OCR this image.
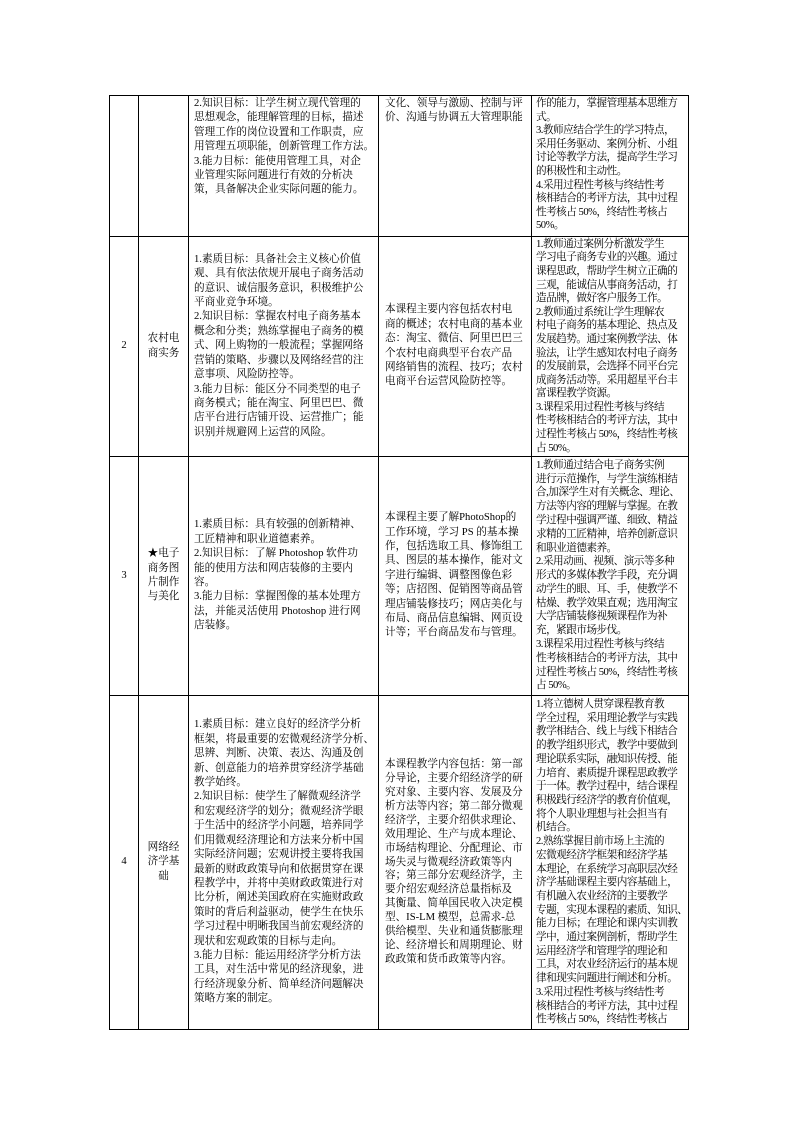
2.知识目标：让学生树立现代管理的
思想观念，能理解管理的目标，描述
管理工作的岗位设置和工作职责，应
用管理五项职能，创新管理工作方法。
3.能力目标：能使用管理工具，对企
业管理实际问题进行有效的分析决
策，具备解决企业实际问题的能力。
文化、领导与激励、控制与评
价、沟通与协调五大管理职能
作的能力，掌握管理基本思维方
式。
3.教师应结合学生的学习特点，
采用任务驱动、案例分析、小组
讨论等教学方法，提高学生学习
的积极性和主动性。
4.采用过程性考核与终结性考
核相结合的考评方法，其中过程
性考核占 50%，终结性考核占
50%。
2
农村电
商实务
1.素质目标：具备社会主义核心价值
观、具有依法依规开展电子商务活动
的意识、诚信服务意识，积极维护公
平商业竞争环境。
2.知识目标：掌握农村电子商务基本
概念和分类；熟练掌握电子商务的模
式、网上购物的一般流程；掌握网络
营销的策略、步骤以及网络经营的注
意事项、风险防控等。
3.能力目标：能区分不同类型的电子
商务模式；能在淘宝、阿里巴巴、微
店平台进行店铺开设、运营推广；能
识别并规避网上运营的风险。
本课程主要内容包括农村电
商的概述；农村电商的基本业
态：淘宝、微信、阿里巴巴三
个农村电商典型平台农产品
网络销售的流程、技巧；农村
电商平台运营风险防控等。
1.教师通过案例分析激发学生
学习电子商务专业的兴趣。通过
课程思政，帮助学生树立正确的
三观，能诚信从事商务活动，打
造品牌，做好客户服务工作。
2.教师通过系统让学生理解农
村电子商务的基本理论、热点及
发展趋势。通过案例教学法、体
验法，让学生感知农村电子商务
的发展前景，会选择不同平台完
成商务活动等。采用超星平台丰
富课程教学资源。
3.课程采用过程性考核与终结
性考核相结合的考评方法，其中
过程性考核占 50%，终结性考核
占 50%。
3
★电子
商务图
片制作
与美化
1.素质目标：具有较强的创新精神、
工匠精神和职业道德素养。
2.知识目标：了解 Photoshop 软件功
能的使用方法和网店装修的主要内
容。
3.能力目标：掌握图像的基本处理方
法，并能灵活使用 Photoshop 进行网
店装修。
本课程主要了解PhotoShop的
工作环境，学习 PS 的基本操
作，包括选取工具、修饰组工
具、图层的基本操作，能对文
字进行编辑、调整图像色彩
等；店招图、促销图等商品管
理店铺装修技巧；网店美化与
布局、商品信息编辑、网页设
计等；平台商品发布与管理。
1.教师通过结合电子商务实例
进行示范操作，与学生演练相结
合,加深学生对有关概念、理论、
方法等内容的理解与掌握。在教
学过程中强调严谨、细致、精益
求精的工匠精神，培养创新意识
和职业道德素养。
2.采用动画、视频、演示等多种
形式的多媒体教学手段，充分调
动学生的眼、耳、手，使教学不
枯燥、教学效果直观；选用淘宝
大学店铺装修视频课程作为补
充，紧跟市场步伐。
3.课程采用过程性考核与终结
性考核相结合的考评方法，其中
过程性考核占 50%，终结性考核
占 50%。
4
网络经
济学基
础
1.素质目标：建立良好的经济学分析
框架，将最重要的宏微观经济学分析、
思辨、判断、决策、表达、沟通及创
新、创意能力的培养贯穿经济学基础
教学始终。
2.知识目标：使学生了解微观经济学
和宏观经济学的划分；微观经济学眼
于生活中的经济学小问题，培养同学
们用微观经济理论和方法来分析中国
实际经济问题；宏观讲授主要将我国
最新的财政政策导向和依据贯穿在课
程教学中，并将中美财政政策进行对
比分析，阐述美国政府在实施财政政
策时的背后利益驱动，使学生在快乐
学习过程中明晰我国当前宏观经济的
现状和宏观政策的目标与走向。
3.能力目标：能运用经济学分析方法
工具，对生活中常见的经济现象，进
行经济现象分析、简单经济问题解决
策略方案的制定。
本课程教学内容包括：第一部
分导论，主要介绍经济学的研
究对象、主要内容、发展及分
析方法等内容；第二部分微观
经济学，主要介绍供求理论、
效用理论、生产与成本理论、
市场结构理论、分配理论、市
场失灵与微观经济政策等内
容；第三部分宏观经济学，主
要介绍宏观经济总量指标及
其衡量、简单国民收入决定模
型、IS-LM 模型，总需求-总
供给模型、失业和通货膨胀理
论、经济增长和周期理论、财
政政策和货币政策等内容。
1.将立德树人贯穿课程教育教
学全过程，采用理论教学与实践
教学相结合、线上与线下相结合
的教学组织形式，教学中要做到
理论联系实际，融知识传授、能
力培育、素质提升课程思政教学
于一体。教学过程中，结合课程
积极践行经济学的教育价值观，
将个人职业理想与社会担当有
机结合。
2.熟练掌握目前市场上主流的
宏微观经济学框架和经济学基
本理论，在系统学习高职层次经
济学基础课程主要内容基础上，
有机融入农业经济的主要教学
专题，实现本课程的素质、知识、
能力目标；在理论和课内实训教
学中，通过案例剖析，帮助学生
运用经济学和管理学的理论和
工具，对农业经济运行的基本规
律和现实问题进行阐述和分析。
3.采用过程性考核与终结性考
核相结合的考评方法，其中过程
性考核占 50%，终结性考核占
